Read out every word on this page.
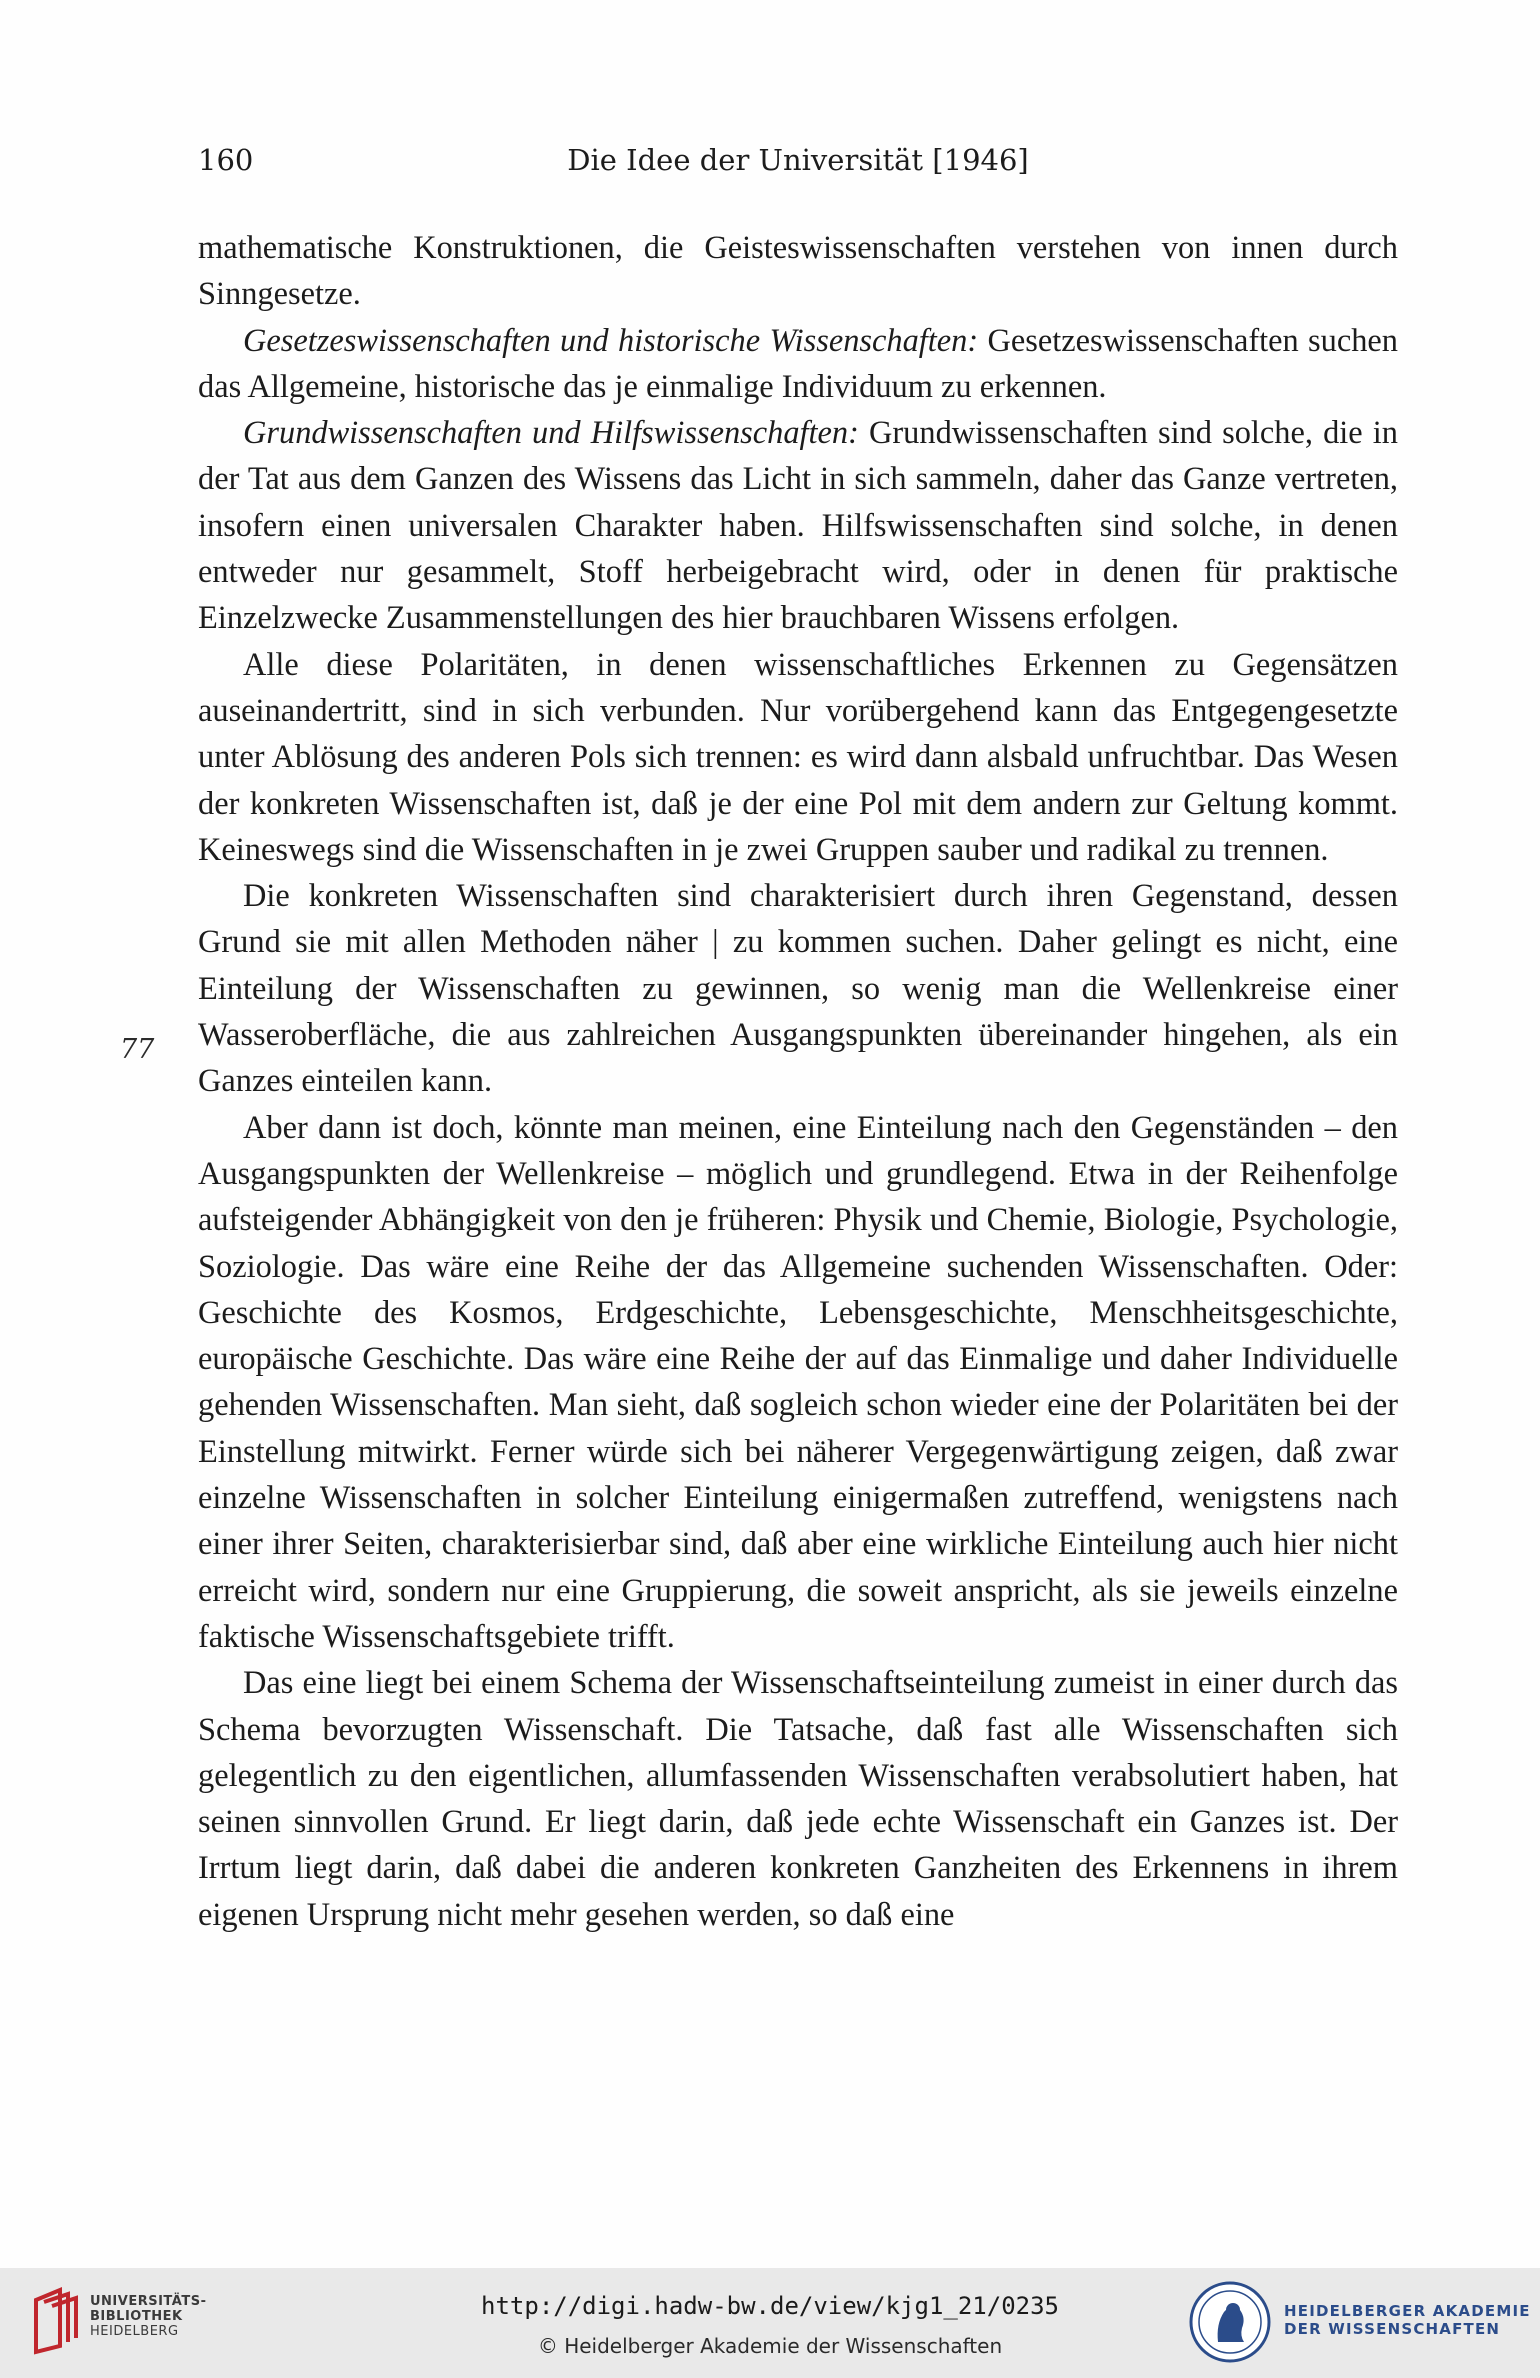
160	Die Idee der Universität [1946]
77

mathematische Konstruktionen, die Geisteswissenschaften verstehen von innen durch Sinngesetze.

Gesetzeswissenschaften und historische Wissenschaften: Gesetzeswissenschaften suchen das Allgemeine, historische das je einmalige Individuum zu erkennen.

Grundwissenschaften und Hilfswissenschaften: Grundwissenschaften sind solche, die in der Tat aus dem Ganzen des Wissens das Licht in sich sammeln, daher das Ganze vertreten, insofern einen universalen Charakter haben. Hilfswissenschaften sind solche, in denen entweder nur gesammelt, Stoff herbeigebracht wird, oder in denen für praktische Einzelzwecke Zusammenstellungen des hier brauchbaren Wissens erfolgen.

Alle diese Polaritäten, in denen wissenschaftliches Erkennen zu Gegensätzen auseinandertritt, sind in sich verbunden. Nur vorübergehend kann das Entgegengesetzte unter Ablösung des anderen Pols sich trennen: es wird dann alsbald unfruchtbar. Das Wesen der konkreten Wissenschaften ist, daß je der eine Pol mit dem andern zur Geltung kommt. Keineswegs sind die Wissenschaften in je zwei Gruppen sauber und radikal zu trennen.

Die konkreten Wissenschaften sind charakterisiert durch ihren Gegenstand, dessen Grund sie mit allen Methoden näher | zu kommen suchen. Daher gelingt es nicht, eine Einteilung der Wissenschaften zu gewinnen, so wenig man die Wellenkreise einer Wasseroberfläche, die aus zahlreichen Ausgangspunkten übereinander hingehen, als ein Ganzes einteilen kann.

Aber dann ist doch, könnte man meinen, eine Einteilung nach den Gegenständen – den Ausgangspunkten der Wellenkreise – möglich und grundlegend. Etwa in der Reihenfolge aufsteigender Abhängigkeit von den je früheren: Physik und Chemie, Biologie, Psychologie, Soziologie. Das wäre eine Reihe der das Allgemeine suchenden Wissenschaften. Oder: Geschichte des Kosmos, Erdgeschichte, Lebensgeschichte, Menschheitsgeschichte, europäische Geschichte. Das wäre eine Reihe der auf das Einmalige und daher Individuelle gehenden Wissenschaften. Man sieht, daß sogleich schon wieder eine der Polaritäten bei der Einstellung mitwirkt. Ferner würde sich bei näherer Vergegenwärtigung zeigen, daß zwar einzelne Wissenschaften in solcher Einteilung einigermaßen zutreffend, wenigstens nach einer ihrer Seiten, charakterisierbar sind, daß aber eine wirkliche Einteilung auch hier nicht erreicht wird, sondern nur eine Gruppierung, die soweit anspricht, als sie jeweils einzelne faktische Wissenschaftsgebiete trifft.

Das eine liegt bei einem Schema der Wissenschaftseinteilung zumeist in einer durch das Schema bevorzugten Wissenschaft. Die Tatsache, daß fast alle Wissenschaften sich gelegentlich zu den eigentlichen, allumfassenden Wissenschaften verabsolutiert haben, hat seinen sinnvollen Grund. Er liegt darin, daß jede echte Wissenschaft ein Ganzes ist. Der Irrtum liegt darin, daß dabei die anderen konkreten Ganzheiten des Erkennens in ihrem eigenen Ursprung nicht mehr gesehen werden, so daß eine

UNIVERSITÄTS-
BIBLIOTHEK
HEIDELBERG
http://digi.hadw-bw.de/view/kjg1_21/0235
© Heidelberger Akademie der Wissenschaften
HEIDELBERGER AKADEMIE
DER WISSENSCHAFTEN
